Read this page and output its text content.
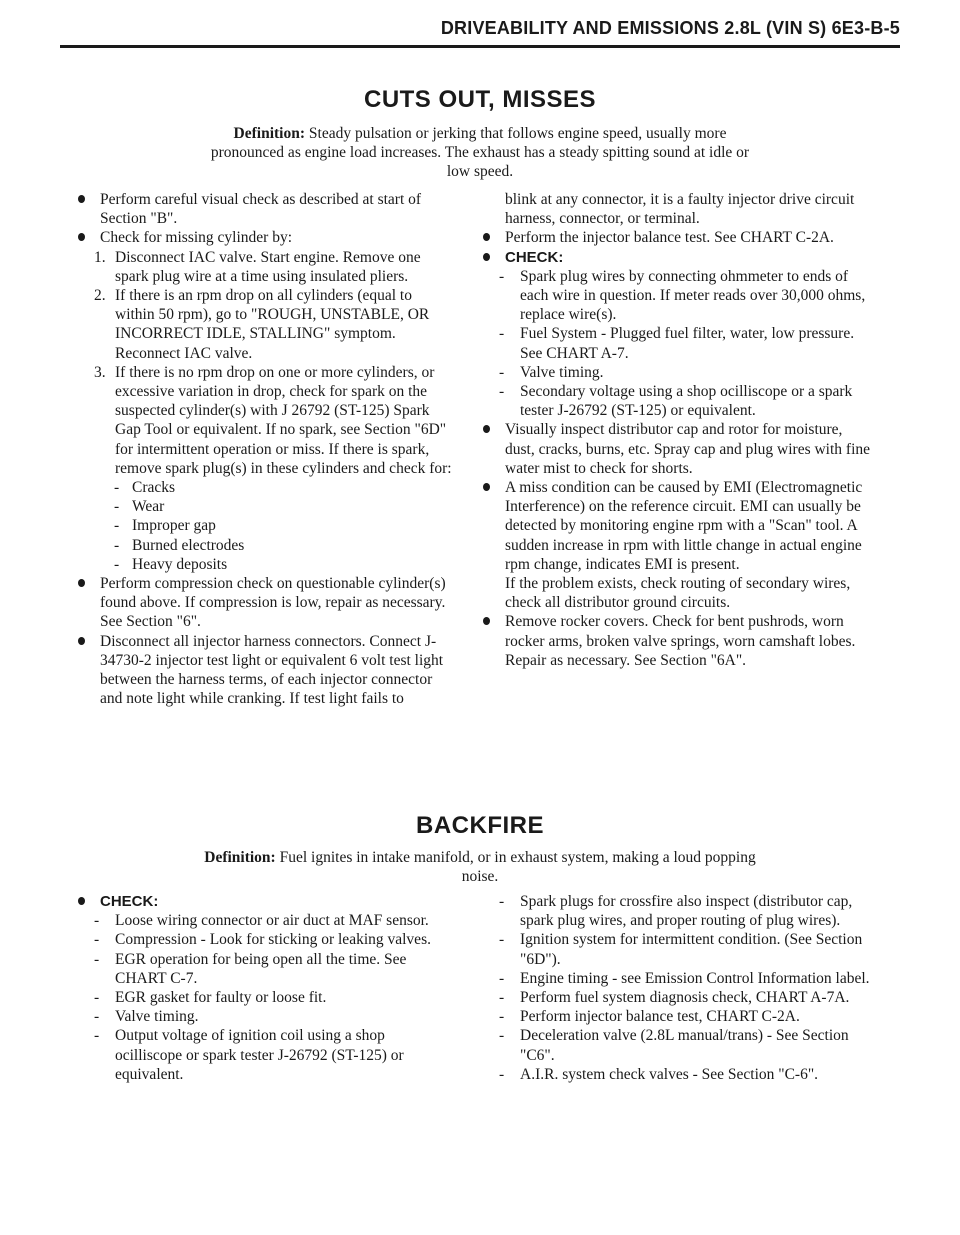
DRIVEABILITY AND EMISSIONS 2.8L (VIN S) 6E3-B-5
CUTS OUT, MISSES
Definition: Steady pulsation or jerking that follows engine speed, usually more pronounced as engine load increases. The exhaust has a steady spitting sound at idle or low speed.

Perform careful visual check as described at start of Section "B".

Check for missing cylinder by:

1. Disconnect IAC valve. Start engine. Remove one spark plug wire at a time using insulated pliers.

2. If there is an rpm drop on all cylinders (equal to within 50 rpm), go to "ROUGH, UNSTABLE, OR INCORRECT IDLE, STALLING" symptom. Reconnect IAC valve.

3. If there is no rpm drop on one or more cylinders, or excessive variation in drop, check for spark on the suspected cylinder(s) with J 26792 (ST-125) Spark Gap Tool or equivalent. If no spark, see Section "6D" for intermittent operation or miss. If there is spark, remove spark plug(s) in these cylinders and check for:

- Cracks

- Wear

- Improper gap

- Burned electrodes

- Heavy deposits

Perform compression check on questionable cylinder(s) found above. If compression is low, repair as necessary. See Section "6".

Disconnect all injector harness connectors. Connect J-34730-2 injector test light or equivalent 6 volt test light between the harness terms, of each injector connector and note light while cranking. If test light fails to

blink at any connector, it is a faulty injector drive circuit harness, connector, or terminal.

Perform the injector balance test. See CHART C-2A.

CHECK:

- Spark plug wires by connecting ohmmeter to ends of each wire in question. If meter reads over 30,000 ohms, replace wire(s).

- Fuel System - Plugged fuel filter, water, low pressure. See CHART A-7.

- Valve timing.

- Secondary voltage using a shop ocilliscope or a spark tester J-26792 (ST-125) or equivalent.

Visually inspect distributor cap and rotor for moisture, dust, cracks, burns, etc. Spray cap and plug wires with fine water mist to check for shorts.

A miss condition can be caused by EMI (Electromagnetic Interference) on the reference circuit. EMI can usually be detected by monitoring engine rpm with a "Scan" tool. A sudden increase in rpm with little change in actual engine rpm change, indicates EMI is present.

If the problem exists, check routing of secondary wires, check all distributor ground circuits.

Remove rocker covers. Check for bent pushrods, worn rocker arms, broken valve springs, worn camshaft lobes. Repair as necessary. See Section "6A".

BACKFIRE
Definition: Fuel ignites in intake manifold, or in exhaust system, making a loud popping noise.

CHECK:

- Loose wiring connector or air duct at MAF sensor.

- Compression - Look for sticking or leaking valves.

- EGR operation for being open all the time. See CHART C-7.

- EGR gasket for faulty or loose fit.

- Valve timing.

- Output voltage of ignition coil using a shop ocilliscope or spark tester J-26792 (ST-125) or equivalent.

- Spark plugs for crossfire also inspect (distributor cap, spark plug wires, and proper routing of plug wires).

- Ignition system for intermittent condition. (See Section "6D").

- Engine timing - see Emission Control Information label.

- Perform fuel system diagnosis check, CHART A-7A.

- Perform injector balance test, CHART C-2A.

- Deceleration valve (2.8L manual/trans) - See Section "C6".

- A.I.R. system check valves - See Section "C-6".
